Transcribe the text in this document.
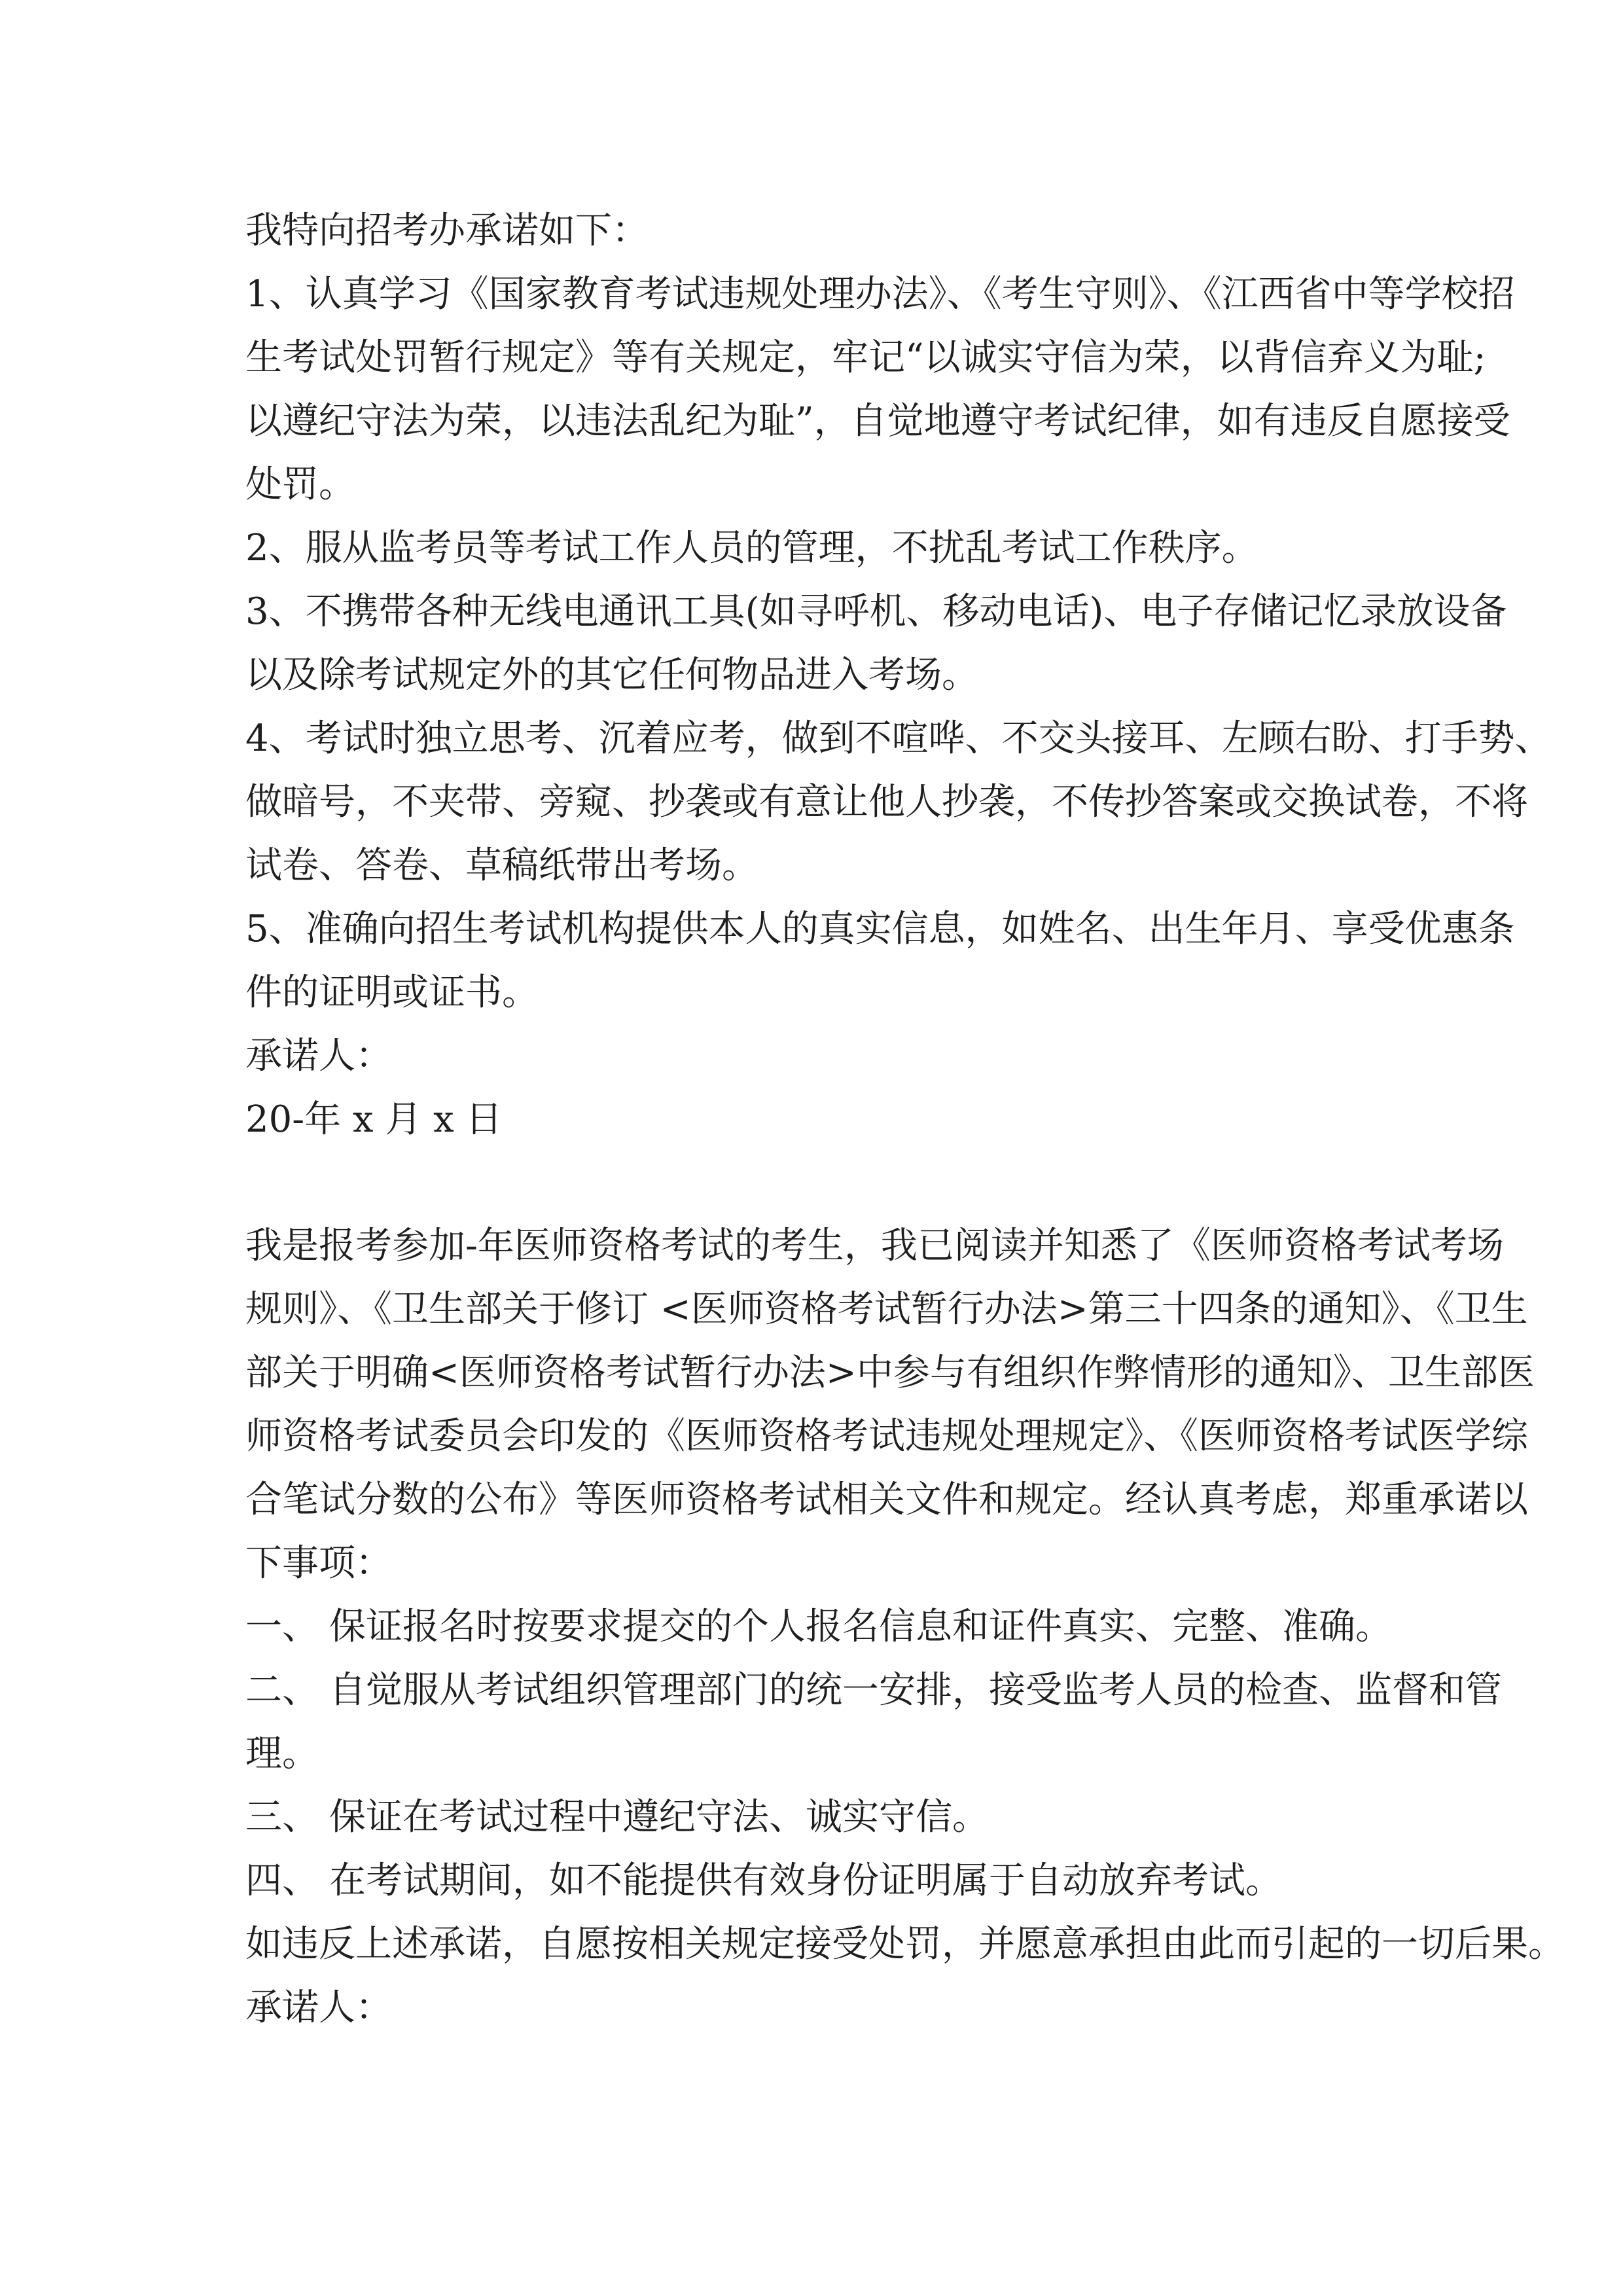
我特向招考办承诺如下：
1、认真学习《国家教育考试违规处理办法》、《考生守则》、《江西省中等学校招
生考试处罚暂行规定》等有关规定，牢记“以诚实守信为荣，以背信弃义为耻;
以遵纪守法为荣，以违法乱纪为耻”，自觉地遵守考试纪律，如有违反自愿接受
处罚。
2、服从监考员等考试工作人员的管理，不扰乱考试工作秩序。
3、不携带各种无线电通讯工具(如寻呼机、移动电话)、电子存储记忆录放设备
以及除考试规定外的其它任何物品进入考场。
4、考试时独立思考、沉着应考，做到不喧哗、不交头接耳、左顾右盼、打手势、
做暗号，不夹带、旁窥、抄袭或有意让他人抄袭，不传抄答案或交换试卷，不将
试卷、答卷、草稿纸带出考场。
5、准确向招生考试机构提供本人的真实信息，如姓名、出生年月、享受优惠条
件的证明或证书。
承诺人：
20-年 x 月 x 日
我是报考参加-年医师资格考试的考生，我已阅读并知悉了《医师资格考试考场
规则》、《卫生部关于修订 <医师资格考试暂行办法>第三十四条的通知》、《卫生
部关于明确<医师资格考试暂行办法>中参与有组织作弊情形的通知》、卫生部医
师资格考试委员会印发的《医师资格考试违规处理规定》、《医师资格考试医学综
合笔试分数的公布》等医师资格考试相关文件和规定。经认真考虑，郑重承诺以
下事项：
一、 保证报名时按要求提交的个人报名信息和证件真实、完整、准确。
二、 自觉服从考试组织管理部门的统一安排，接受监考人员的检查、监督和管
理。
三、 保证在考试过程中遵纪守法、诚实守信。
四、 在考试期间，如不能提供有效身份证明属于自动放弃考试。
如违反上述承诺，自愿按相关规定接受处罚，并愿意承担由此而引起的一切后果。
承诺人：
